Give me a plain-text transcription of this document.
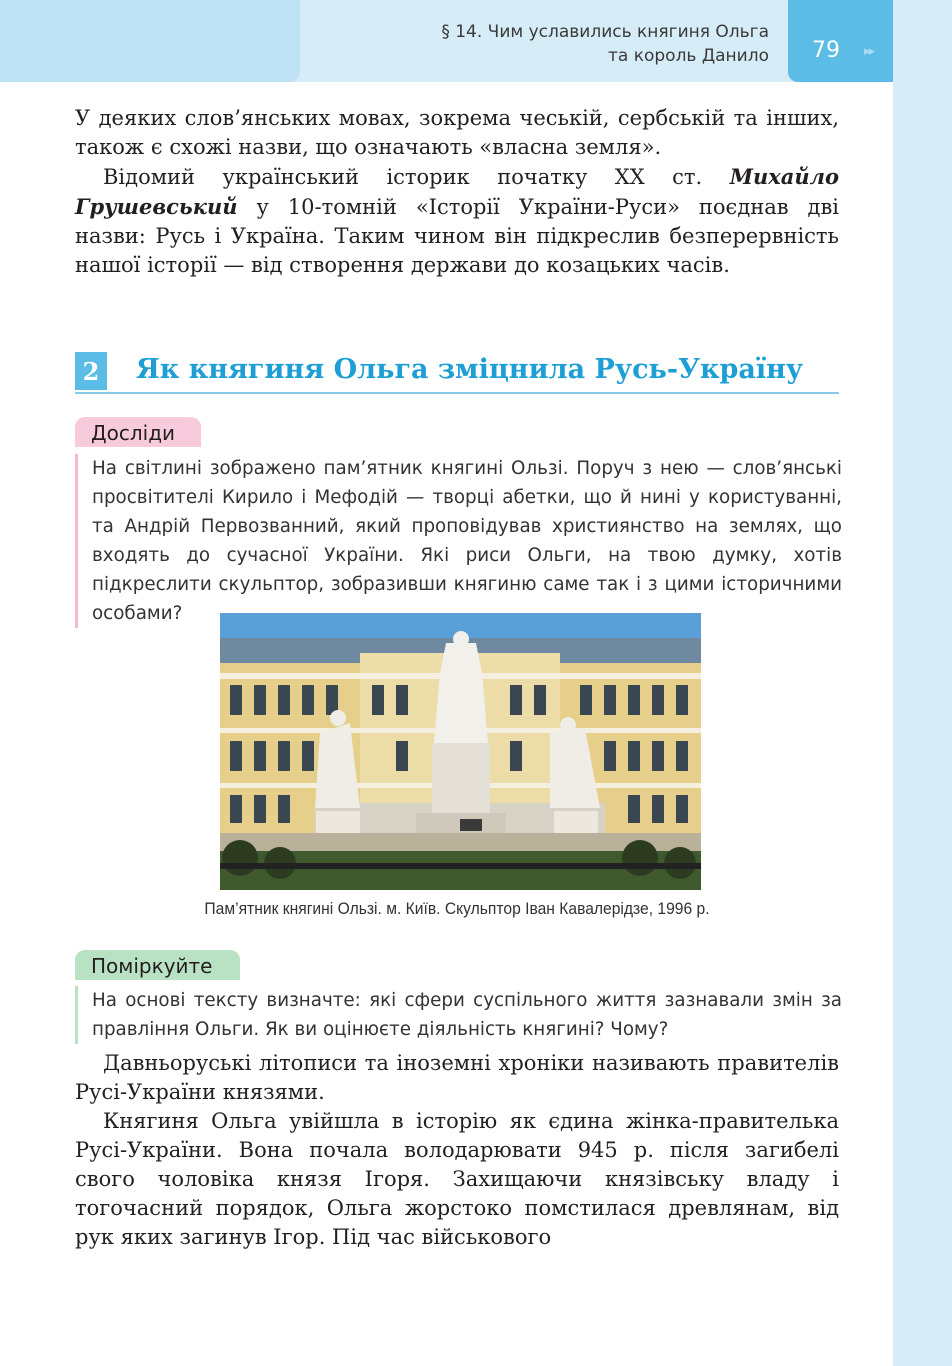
§ 14. Чим уславились княгиня Ольга
та король Данило 79 ▸▸

У деяких слов’янських мовах, зокрема чеській, сербській та інших, також є схожі назви, що означають «власна земля».

Відомий український історик початку ХХ ст. Михайло Грушевський у 10-томній «Історії України-Руси» поєднав дві назви: Русь і Україна. Таким чином він підкреслив безперервність нашої історії — від створення держави до козацьких часів.

2 Як княгиня Ольга зміцнила Русь-Україну
Досліди

На світлині зображено пам’ятник княгині Ользі. Поруч з нею — слов’янські просвітителі Кирило і Мефодій — творці абетки, що й нині у користуванні, та Андрій Первозванний, який проповідував християнство на землях, що входять до сучасної України. Які риси Ольги, на твою думку, хотів підкреслити скульптор, зобразивши княгиню саме так і з цими історичними особами?

Пам’ятник княгині Ользі. м. Київ. Скульптор Іван Кавалерідзе, 1996 р.
Поміркуйте

На основі тексту визначте: які сфери суспільного життя зазнавали змін за правління Ольги. Як ви оцінюєте діяльність княгині? Чому?

Давньоруські літописи та іноземні хроніки називають правителів Русі-України князями.

Княгиня Ольга увійшла в історію як єдина жінка-правителька Русі-України. Вона почала володарювати 945 р. після загибелі свого чоловіка князя Ігоря. Захищаючи князівську владу і тогочасний порядок, Ольга жорстоко помстилася древлянам, від рук яких загинув Ігор. Під час військового
